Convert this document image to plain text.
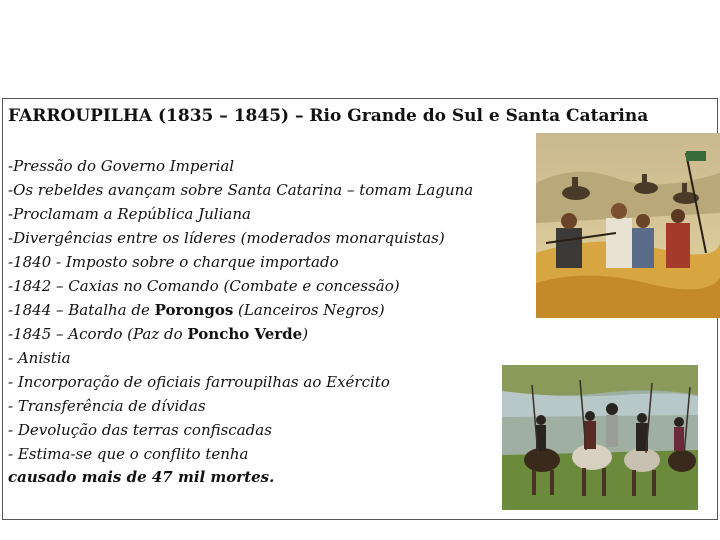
FARROUPILHA (1835 – 1845) – Rio Grande do Sul e Santa Catarina
-Pressão do Governo Imperial
-Os rebeldes avançam sobre Santa Catarina – tomam Laguna
-Proclamam a República Juliana
-Divergências entre os líderes (moderados monarquistas)
-1840 - Imposto sobre o charque importado
-1842 – Caxias no Comando (Combate e concessão)
-1844 – Batalha de Porongos (Lanceiros Negros)
-1845 – Acordo (Paz do Poncho Verde)
- Anistia
- Incorporação de oficiais farroupilhas ao Exército
- Transferência de dívidas
- Devolução das terras confiscadas
- Estima-se que o conflito tenha
causado mais de 47 mil mortes.
